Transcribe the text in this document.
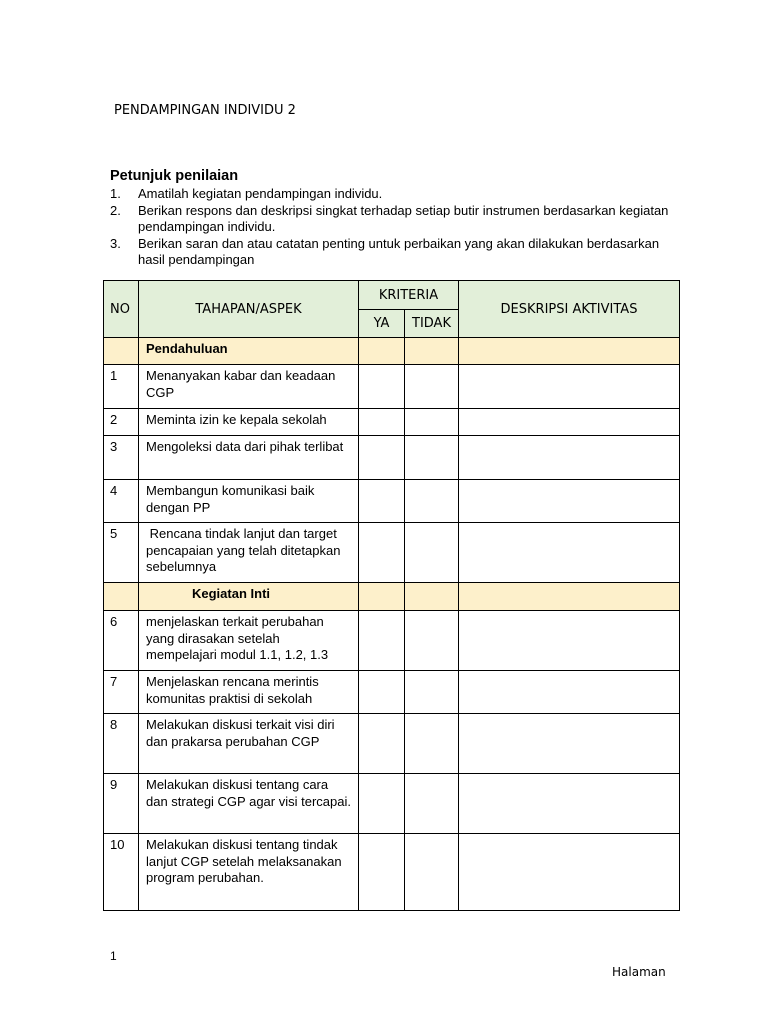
PENDAMPINGAN INDIVIDU 2
Petunjuk penilaian
1. Amatilah kegiatan pendampingan individu.
2. Berikan respons dan deskripsi singkat terhadap setiap butir instrumen berdasarkan kegiatan pendampingan individu.
3. Berikan saran dan atau catatan penting untuk perbaikan yang akan dilakukan berdasarkan hasil pendampingan
NO	TAHAPAN/ASPEK	KRITERIA		DESKRIPSI AKTIVITAS
		YA	TIDAK	
	Pendahuluan			
1	Menanyakan kabar dan keadaan CGP			
2	Meminta izin ke kepala sekolah			
3	Mengoleksi data dari pihak terlibat			
4	Membangun komunikasi baik dengan PP			
5	Rencana tindak lanjut dan target pencapaian yang telah ditetapkan sebelumnya			
	Kegiatan Inti			
6	menjelaskan terkait perubahan yang dirasakan setelah mempelajari modul 1.1, 1.2, 1.3			
7	Menjelaskan rencana merintis komunitas praktisi di sekolah			
8	Melakukan diskusi terkait visi diri dan prakarsa perubahan CGP			
9	Melakukan diskusi tentang cara dan strategi CGP agar visi tercapai.			
10	Melakukan diskusi tentang tindak lanjut CGP setelah melaksanakan program perubahan.			
1
Halaman
